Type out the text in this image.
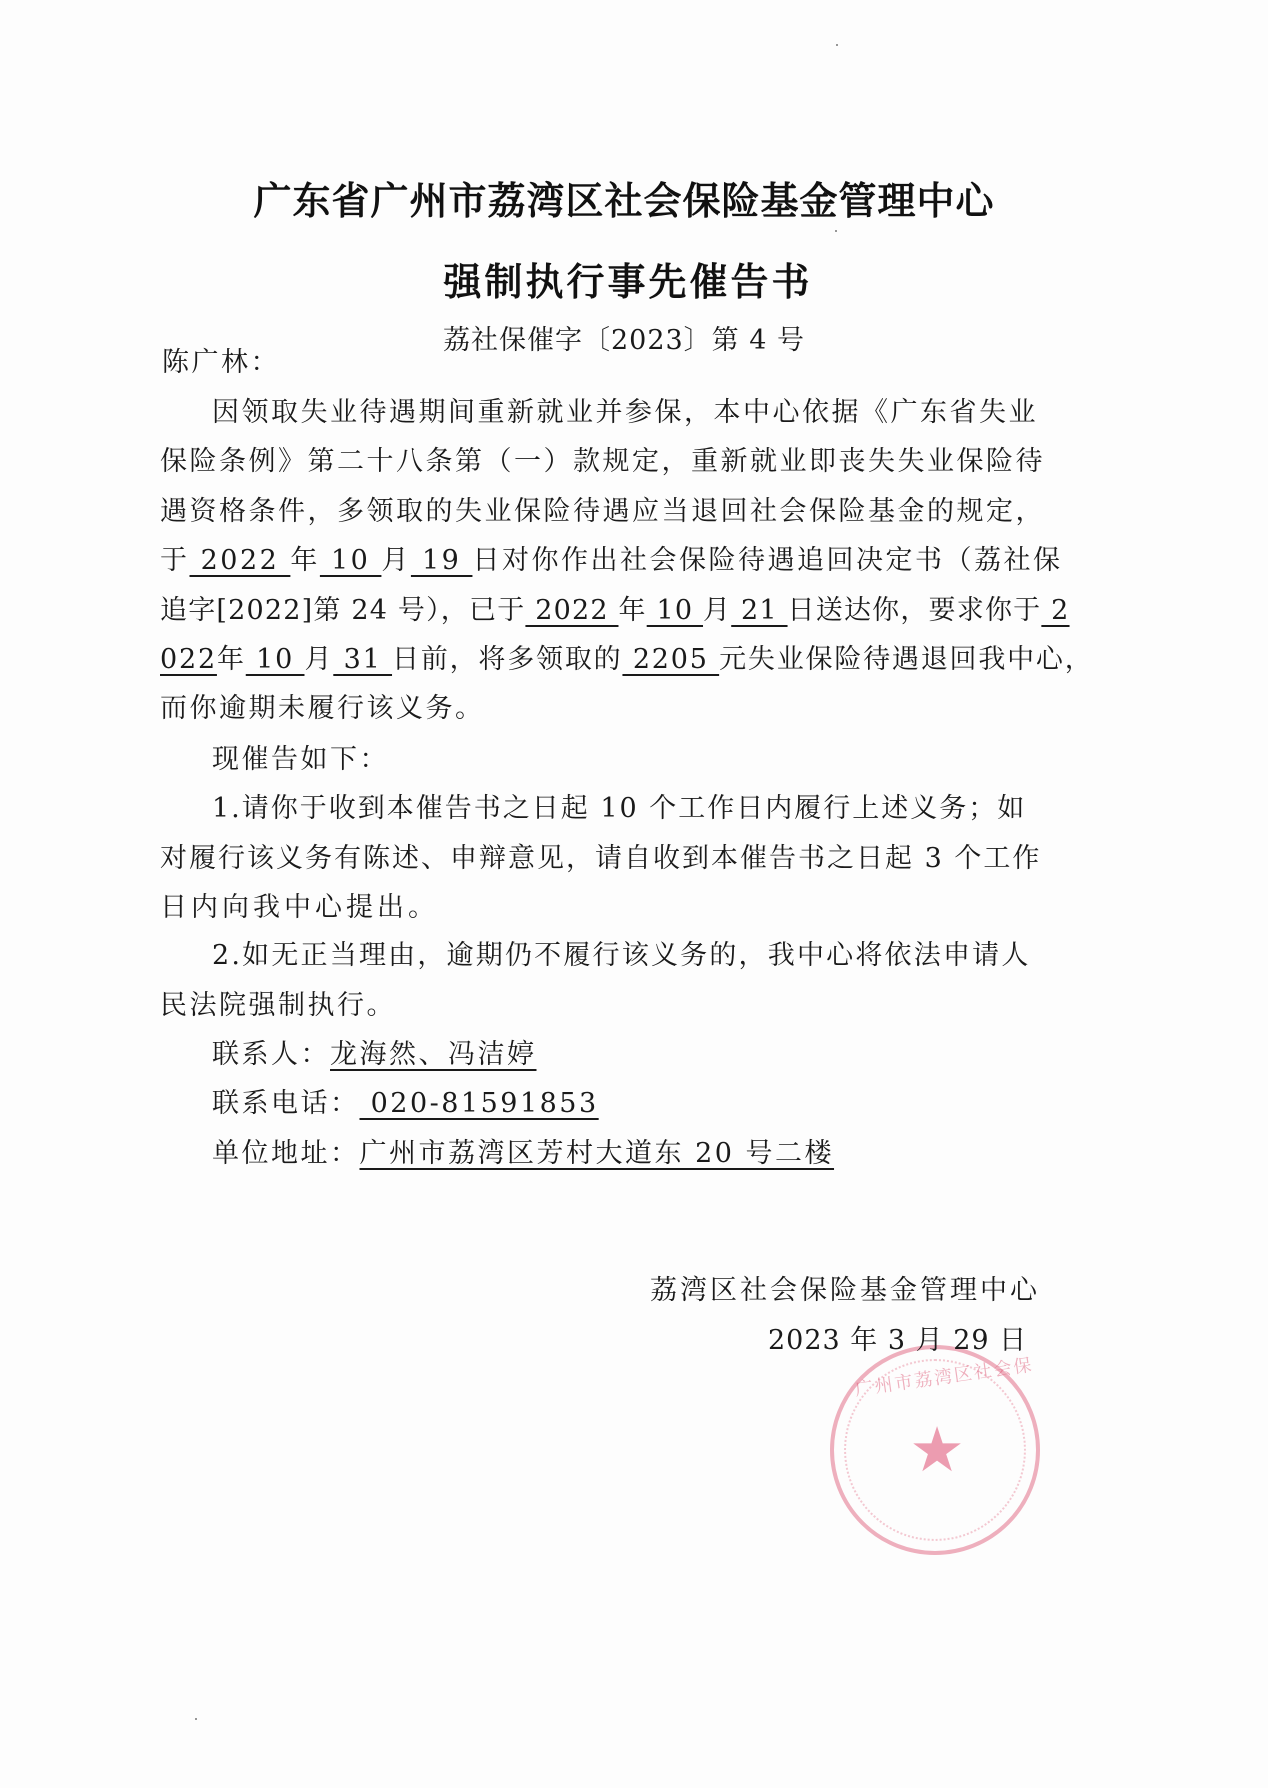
广东省广州市荔湾区社会保险基金管理中心
强制执行事先催告书
荔社保催字〔2023〕第 4 号
陈广林：
因领取失业待遇期间重新就业并参保，本中心依据《广东省失业
保险条例》第二十八条第（一）款规定，重新就业即丧失失业保险待
遇资格条件，多领取的失业保险待遇应当退回社会保险基金的规定，
于 2022 年 10 月 19 日对你作出社会保险待遇追回决定书（荔社保
追字[2022]第 24 号），已于 2022 年 10 月 21 日送达你，要求你于 2
022年 10 月 31 日前，将多领取的 2205 元失业保险待遇退回我中心，
而你逾期未履行该义务。
现催告如下：
1.请你于收到本催告书之日起 10 个工作日内履行上述义务；如
对履行该义务有陈述、申辩意见，请自收到本催告书之日起 3 个工作
日内向我中心提出。
2.如无正当理由，逾期仍不履行该义务的，我中心将依法申请人
民法院强制执行。
联系人：龙海然、冯洁婷
联系电话： 020-81591853
单位地址：广州市荔湾区芳村大道东 20 号二楼
广州市荔湾区社会保
★
荔湾区社会保险基金管理中心
2023 年 3 月 29 日
